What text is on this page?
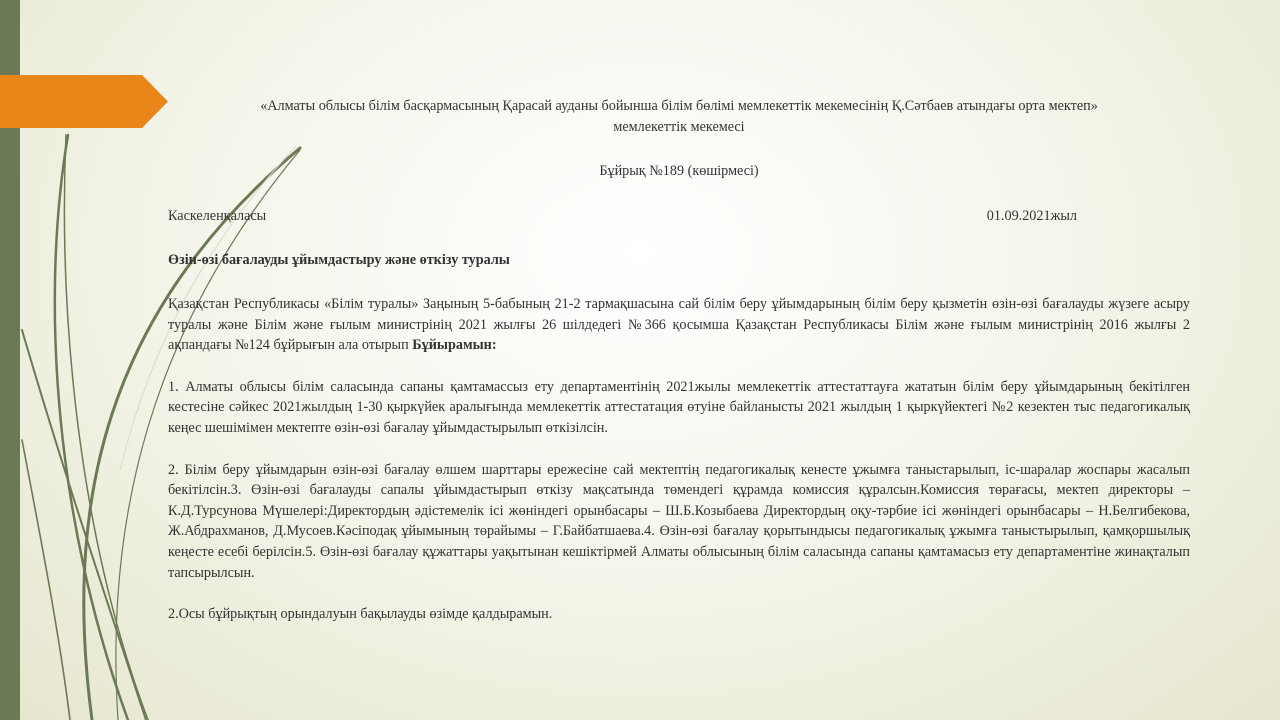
«Алматы облысы білім басқармасының Қарасай ауданы бойынша білім бөлімі мемлекеттік мекемесінің Қ.Сәтбаев атындағы орта мектеп»
мемлекеттік мекемесі
Бұйрық №189 (көшірмесі)
Каскеленқаласы	01.09.2021жыл
Өзін-өзі бағалауды ұйымдастыру және өткізу туралы

Қазақстан Республикасы «Білім туралы» Заңының 5-бабының 21-2 тармақшасына сай білім беру ұйымдарының білім беру қызметін өзін-өзі бағалауды жүзеге асыру туралы және Білім және ғылым министрінің 2021 жылғы 26 шілдедегі №366 қосымша Қазақстан Республикасы Білім және ғылым министрінің 2016 жылғы 2 ақпандағы №124 бұйрығын ала отырып Бұйырамын:

1. Алматы облысы білім саласында сапаны қамтамассыз ету департаментінің 2021жылы мемлекеттік аттестаттауға жататын білім беру ұйымдарының бекітілген кестесіне сәйкес 2021жылдың 1-30 қыркүйек аралығында мемлекеттік аттестатация өтуіне байланысты 2021 жылдың 1 қыркүйектегі №2 кезектен тыс педагогикалық кеңес шешімімен мектепте өзін-өзі бағалау ұйымдастырылып өткізілсін.

2. Білім беру ұйымдарын өзін-өзі бағалау өлшем шарттары ережесіне сай мектептің педагогикалық кенесте ұжымға таныстарылып, іс-шаралар жоспары жасалып бекітілсін.3. Өзін-өзі бағалауды сапалы ұйымдастырып өткізу мақсатында төмендегі құрамда комиссия құралсын.Комиссия төрағасы, мектеп директоры – К.Д.Турсунова Мүшелері:Директордың әдістемелік ісі жөніндегі орынбасары – Ш.Б.Козыбаева Директордың оқу-тәрбие ісі жөніндегі орынбасары – Н.Белгибекова, Ж.Абдрахманов, Д.Мусоев.Кәсіподақ ұйымының төрайымы – Г.Байбатшаева.4. Өзін-өзі бағалау қорытындысы педагогикалық ұжымға таныстырылып, қамқоршылық кеңесте есебі берілсін.5. Өзін-өзі бағалау құжаттары уақытынан кешіктірмей Алматы облысының білім саласында сапаны қамтамасыз ету департаментіне жинақталып тапсырылсын.

2.Осы бұйрықтың орындалуын бақылауды өзімде қалдырамын.
